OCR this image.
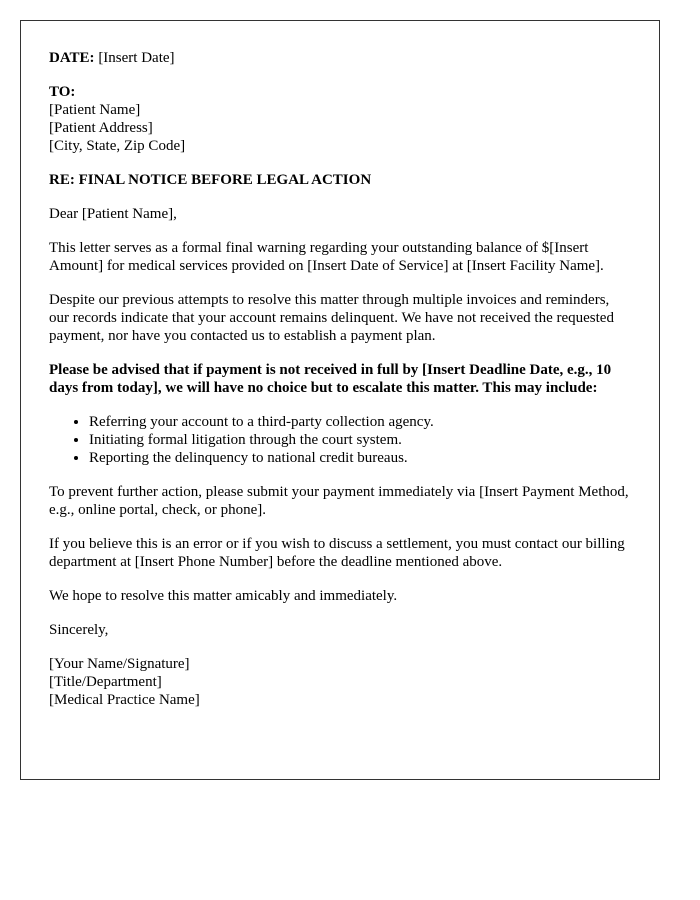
DATE: [Insert Date]
TO:
[Patient Name]
[Patient Address]
[City, State, Zip Code]

RE: FINAL NOTICE BEFORE LEGAL ACTION

Dear [Patient Name],

This letter serves as a formal final warning regarding your outstanding balance of $[Insert Amount] for medical services provided on [Insert Date of Service] at [Insert Facility Name].

Despite our previous attempts to resolve this matter through multiple invoices and reminders, our records indicate that your account remains delinquent. We have not received the requested payment, nor have you contacted us to establish a payment plan.

Please be advised that if payment is not received in full by [Insert Deadline Date, e.g., 10 days from today], we will have no choice but to escalate this matter. This may include:

• Referring your account to a third-party collection agency.
• Initiating formal litigation through the court system.
• Reporting the delinquency to national credit bureaus.

To prevent further action, please submit your payment immediately via [Insert Payment Method, e.g., online portal, check, or phone].

If you believe this is an error or if you wish to discuss a settlement, you must contact our billing department at [Insert Phone Number] before the deadline mentioned above.

We hope to resolve this matter amicably and immediately.

Sincerely,

[Your Name/Signature]
[Title/Department]
[Medical Practice Name]
